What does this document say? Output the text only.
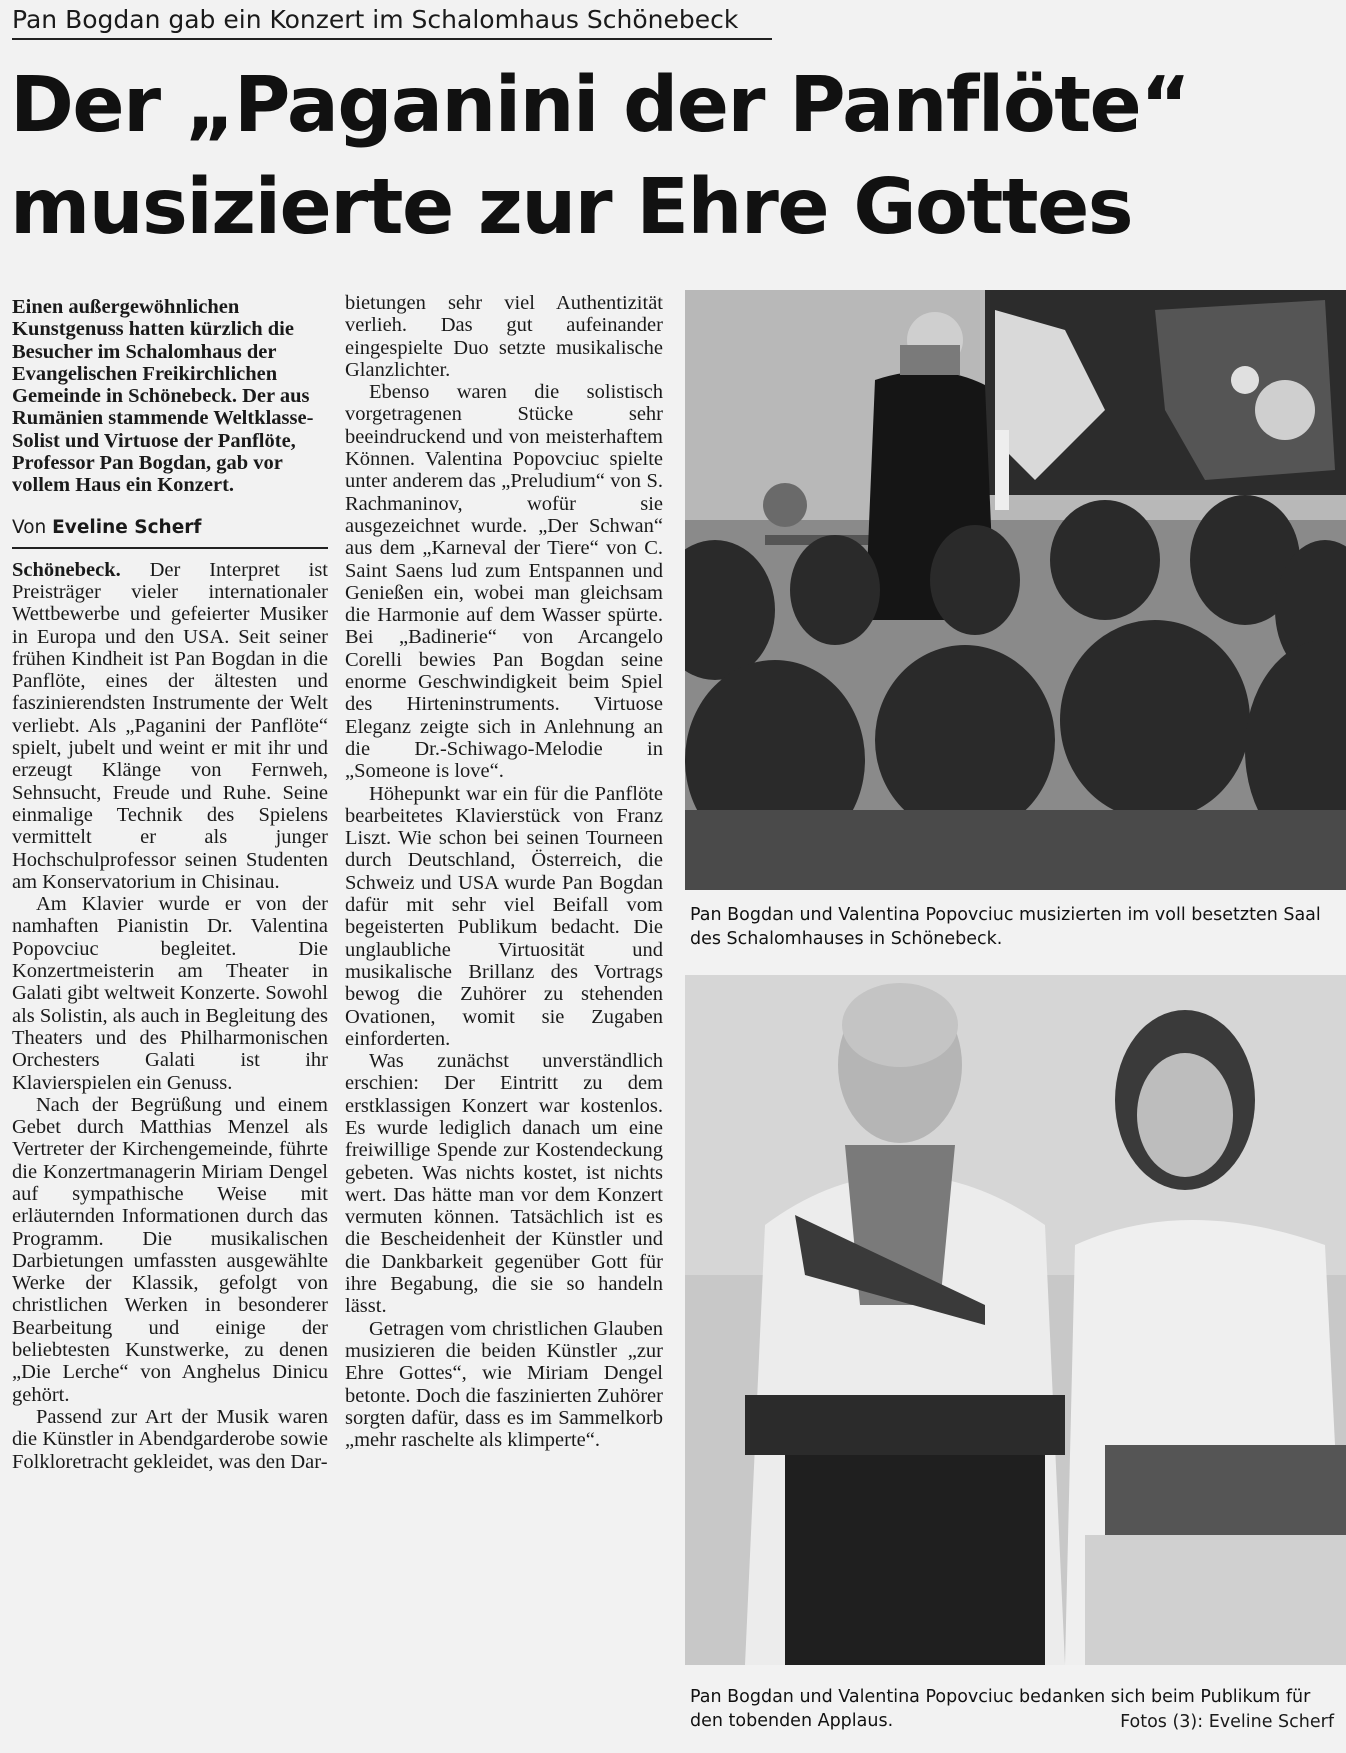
Pan Bogdan gab ein Konzert im Schalomhaus Schönebeck
Der „Paganini der Panflöte“
musizierte zur Ehre Gottes

Einen außergewöhnlichen Kunstgenuss hatten kürzlich die Besucher im Schalomhaus der Evangelischen Freikirchlichen Gemeinde in Schönebeck. Der aus Rumänien stammende Weltklasse-Solist und Virtuose der Panflöte, Professor Pan Bogdan, gab vor vollem Haus ein Konzert.

Von Eveline Scherf

Schönebeck. Der Interpret ist Preisträger vieler internationaler Wettbewerbe und gefeierter Musiker in Europa und den USA. Seit seiner frühen Kindheit ist Pan Bogdan in die Panflöte, eines der ältesten und faszinierendsten Instrumente der Welt verliebt. Als „Paganini der Panflöte“ spielt, jubelt und weint er mit ihr und erzeugt Klänge von Fernweh, Sehnsucht, Freude und Ruhe. Seine einmalige Technik des Spielens vermittelt er als junger Hochschulprofessor seinen Studenten am Konservatorium in Chisinau.

Am Klavier wurde er von der namhaften Pianistin Dr. Valentina Popovciuc begleitet. Die Konzertmeisterin am Theater in Galati gibt weltweit Konzerte. Sowohl als Solistin, als auch in Begleitung des Theaters und des Philharmonischen Orchesters Galati ist ihr Klavierspielen ein Genuss.

Nach der Begrüßung und einem Gebet durch Matthias Menzel als Vertreter der Kirchengemeinde, führte die Konzertmanagerin Miriam Dengel auf sympathische Weise mit erläuternden Informationen durch das Programm. Die musikalischen Darbietungen umfassten ausgewählte Werke der Klassik, gefolgt von christlichen Werken in besonderer Bearbeitung und einige der beliebtesten Kunstwerke, zu denen „Die Lerche“ von Anghelus Dinicu gehört.

Passend zur Art der Musik waren die Künstler in Abendgarderobe sowie Folkloretracht gekleidet, was den Dar-

bietungen sehr viel Authentizität verlieh. Das gut aufeinander eingespielte Duo setzte musikalische Glanzlichter.

Ebenso waren die solistisch vorgetragenen Stücke sehr beeindruckend und von meisterhaftem Können. Valentina Popovciuc spielte unter anderem das „Preludium“ von S. Rachmaninov, wofür sie ausgezeichnet wurde. „Der Schwan“ aus dem „Karneval der Tiere“ von C. Saint Saens lud zum Entspannen und Genießen ein, wobei man gleichsam die Harmonie auf dem Wasser spürte. Bei „Badinerie“ von Arcangelo Corelli bewies Pan Bogdan seine enorme Geschwindigkeit beim Spiel des Hirteninstruments. Virtuose Eleganz zeigte sich in Anlehnung an die Dr.-Schiwago-Melodie in „Someone is love“.

Höhepunkt war ein für die Panflöte bearbeitetes Klavierstück von Franz Liszt. Wie schon bei seinen Tourneen durch Deutschland, Österreich, die Schweiz und USA wurde Pan Bogdan dafür mit sehr viel Beifall vom begeisterten Publikum bedacht. Die unglaubliche Virtuosität und musikalische Brillanz des Vortrags bewog die Zuhörer zu stehenden Ovationen, womit sie Zugaben einforderten.

Was zunächst unverständlich erschien: Der Eintritt zu dem erstklassigen Konzert war kostenlos. Es wurde lediglich danach um eine freiwillige Spende zur Kostendeckung gebeten. Was nichts kostet, ist nichts wert. Das hätte man vor dem Konzert vermuten können. Tatsächlich ist es die Bescheidenheit der Künstler und die Dankbarkeit gegenüber Gott für ihre Begabung, die sie so handeln lässt.

Getragen vom christlichen Glauben musizieren die beiden Künstler „zur Ehre Gottes“, wie Miriam Dengel betonte. Doch die faszinierten Zuhörer sorgten dafür, dass es im Sammelkorb „mehr raschelte als klimperte“.

Pan Bogdan und Valentina Popovciuc musizierten im voll besetzten Saal des Schalomhauses in Schönebeck.
Pan Bogdan und Valentina Popovciuc bedanken sich beim Publikum für den tobenden Applaus.	Fotos (3): Eveline Scherf
